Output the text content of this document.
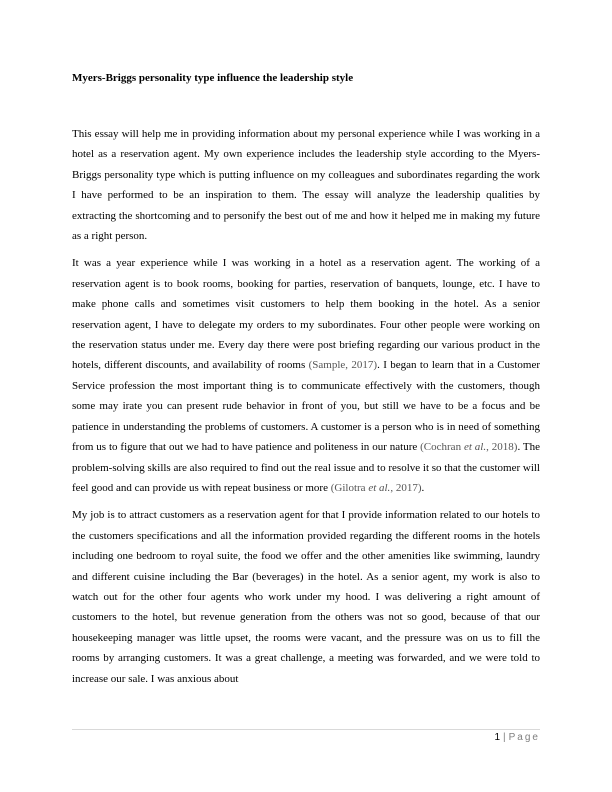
Myers-Briggs personality type influence the leadership style

This essay will help me in providing information about my personal experience while I was working in a hotel as a reservation agent. My own experience includes the leadership style according to the Myers-Briggs personality type which is putting influence on my colleagues and subordinates regarding the work I have performed to be an inspiration to them. The essay will analyze the leadership qualities by extracting the shortcoming and to personify the best out of me and how it helped me in making my future as a right person.

It was a year experience while I was working in a hotel as a reservation agent. The working of a reservation agent is to book rooms, booking for parties, reservation of banquets, lounge, etc. I have to make phone calls and sometimes visit customers to help them booking in the hotel. As a senior reservation agent, I have to delegate my orders to my subordinates. Four other people were working on the reservation status under me. Every day there were post briefing regarding our various product in the hotels, different discounts, and availability of rooms (Sample, 2017). I began to learn that in a Customer Service profession the most important thing is to communicate effectively with the customers, though some may irate you can present rude behavior in front of you, but still we have to be a focus and be patience in understanding the problems of customers. A customer is a person who is in need of something from us to figure that out we had to have patience and politeness in our nature (Cochran et al., 2018). The problem-solving skills are also required to find out the real issue and to resolve it so that the customer will feel good and can provide us with repeat business or more (Gilotra et al., 2017).

My job is to attract customers as a reservation agent for that I provide information related to our hotels to the customers specifications and all the information provided regarding the different rooms in the hotels including one bedroom to royal suite, the food we offer and the other amenities like swimming, laundry and different cuisine including the Bar (beverages) in the hotel. As a senior agent, my work is also to watch out for the other four agents who work under my hood. I was delivering a right amount of customers to the hotel, but revenue generation from the others was not so good, because of that our housekeeping manager was little upset, the rooms were vacant, and the pressure was on us to fill the rooms by arranging customers. It was a great challenge, a meeting was forwarded, and we were told to increase our sale. I was anxious about

1 | Page
